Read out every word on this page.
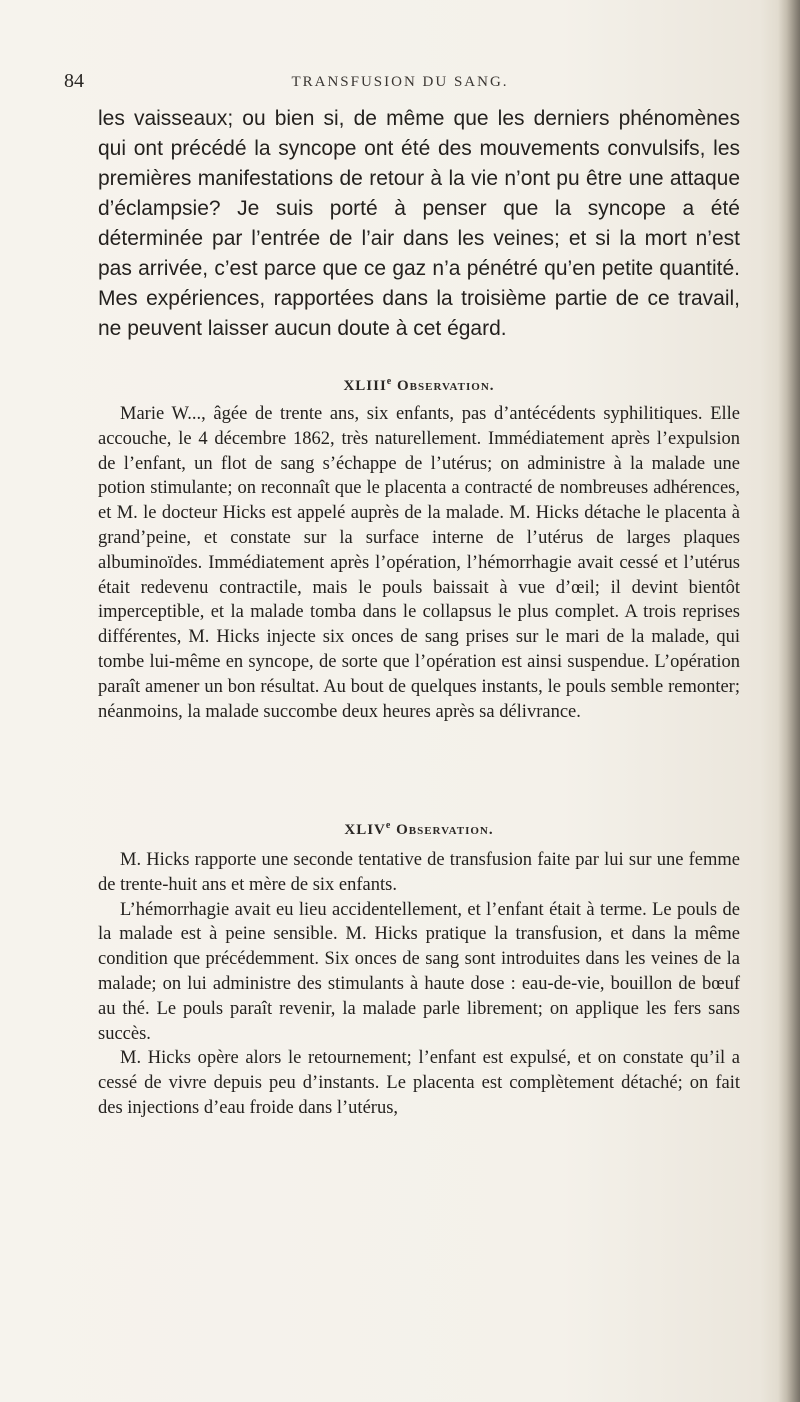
84	TRANSFUSION DU SANG.

les vaisseaux; ou bien si, de même que les derniers phénomènes qui ont précédé la syncope ont été des mouvements convulsifs, les premières manifestations de retour à la vie n’ont pu être une attaque d’éclampsie? Je suis porté à penser que la syncope a été déterminée par l’entrée de l’air dans les veines; et si la mort n’est pas arrivée, c’est parce que ce gaz n’a pénétré qu’en petite quantité. Mes expériences, rapportées dans la troisième partie de ce travail, ne peuvent laisser aucun doute à cet égard.

XLIIIe Observation.

Marie W..., âgée de trente ans, six enfants, pas d’antécédents syphilitiques. Elle accouche, le 4 décembre 1862, très naturellement. Immédiatement après l’expulsion de l’enfant, un flot de sang s’échappe de l’utérus; on administre à la malade une potion stimulante; on reconnaît que le placenta a contracté de nombreuses adhérences, et M. le docteur Hicks est appelé auprès de la malade. M. Hicks détache le placenta à grand’peine, et constate sur la surface interne de l’utérus de larges plaques albuminoïdes. Immédiatement après l’opération, l’hémorrhagie avait cessé et l’utérus était redevenu contractile, mais le pouls baissait à vue d’œil; il devint bientôt imperceptible, et la malade tomba dans le collapsus le plus complet. A trois reprises différentes, M. Hicks injecte six onces de sang prises sur le mari de la malade, qui tombe lui-même en syncope, de sorte que l’opération est ainsi suspendue. L’opération paraît amener un bon résultat. Au bout de quelques instants, le pouls semble remonter; néanmoins, la malade succombe deux heures après sa délivrance.

XLIVe Observation.

M. Hicks rapporte une seconde tentative de transfusion faite par lui sur une femme de trente-huit ans et mère de six enfants.

L’hémorrhagie avait eu lieu accidentellement, et l’enfant était à terme. Le pouls de la malade est à peine sensible. M. Hicks pratique la transfusion, et dans la même condition que précédemment. Six onces de sang sont introduites dans les veines de la malade; on lui administre des stimulants à haute dose : eau-de-vie, bouillon de bœuf au thé. Le pouls paraît revenir, la malade parle librement; on applique les fers sans succès.

M. Hicks opère alors le retournement; l’enfant est expulsé, et on constate qu’il a cessé de vivre depuis peu d’instants. Le placenta est complètement détaché; on fait des injections d’eau froide dans l’utérus,
